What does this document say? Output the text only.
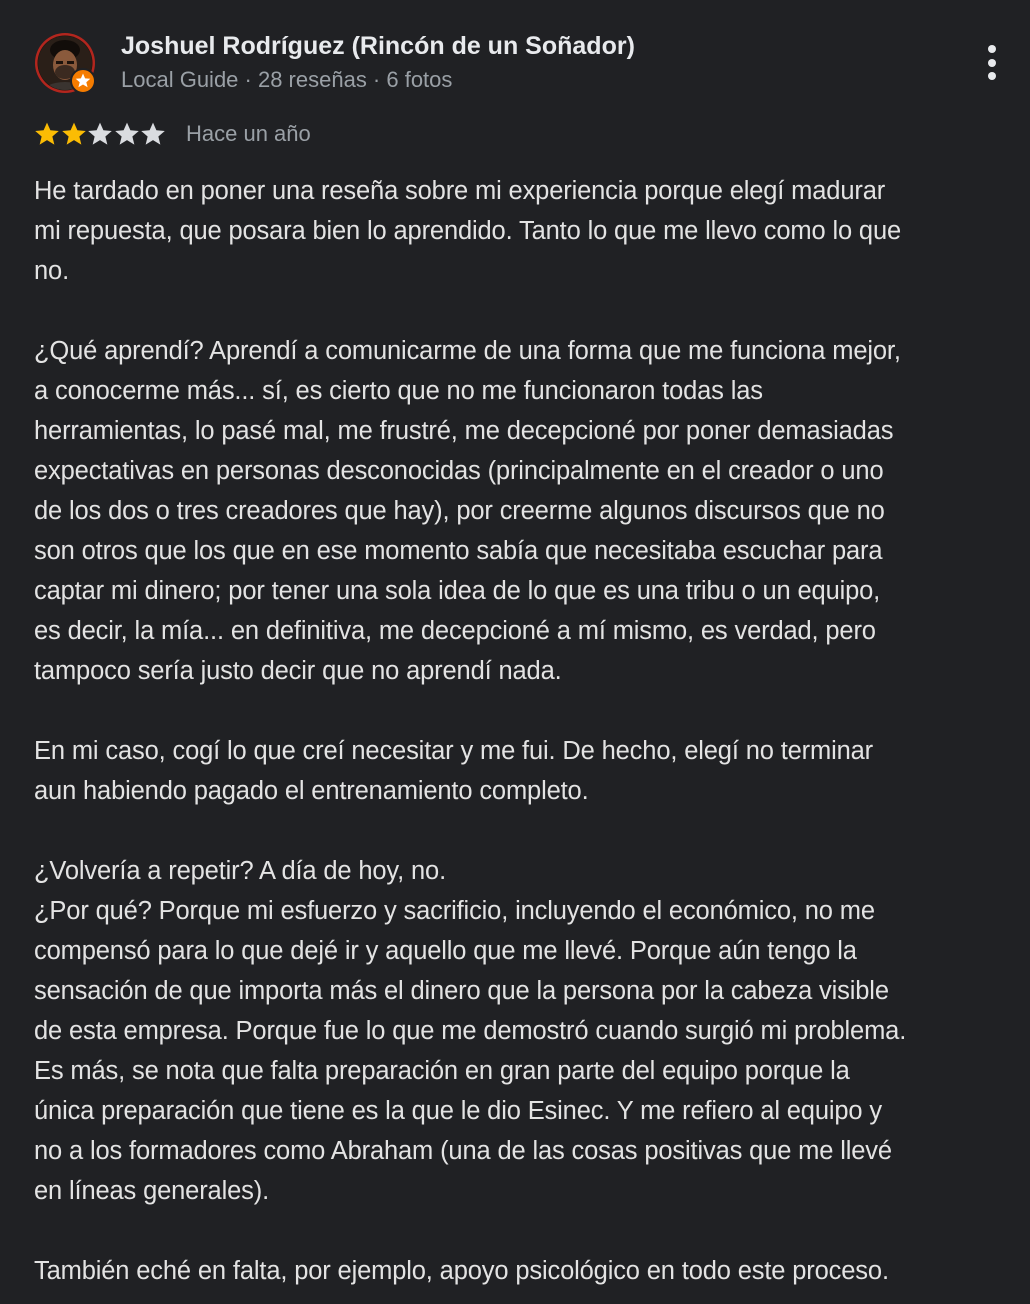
Joshuel Rodríguez (Rincón de un Soñador)
Local Guide · 28 reseñas · 6 fotos
Hace un año

He tardado en poner una reseña sobre mi experiencia porque elegí madurar
mi repuesta, que posara bien lo aprendido. Tanto lo que me llevo como lo que
no.

¿Qué aprendí? Aprendí a comunicarme de una forma que me funciona mejor,
a conocerme más... sí, es cierto que no me funcionaron todas las
herramientas, lo pasé mal, me frustré, me decepcioné por poner demasiadas
expectativas en personas desconocidas (principalmente en el creador o uno
de los dos o tres creadores que hay), por creerme algunos discursos que no
son otros que los que en ese momento sabía que necesitaba escuchar para
captar mi dinero; por tener una sola idea de lo que es una tribu o un equipo,
es decir, la mía... en definitiva, me decepcioné a mí mismo, es verdad, pero
tampoco sería justo decir que no aprendí nada.

En mi caso, cogí lo que creí necesitar y me fui. De hecho, elegí no terminar
aun habiendo pagado el entrenamiento completo.

¿Volvería a repetir? A día de hoy, no.
¿Por qué? Porque mi esfuerzo y sacrificio, incluyendo el económico, no me
compensó para lo que dejé ir y aquello que me llevé. Porque aún tengo la
sensación de que importa más el dinero que la persona por la cabeza visible
de esta empresa. Porque fue lo que me demostró cuando surgió mi problema.
Es más, se nota que falta preparación en gran parte del equipo porque la
única preparación que tiene es la que le dio Esinec. Y me refiero al equipo y
no a los formadores como Abraham (una de las cosas positivas que me llevé
en líneas generales).

También eché en falta, por ejemplo, apoyo psicológico en todo este proceso.
